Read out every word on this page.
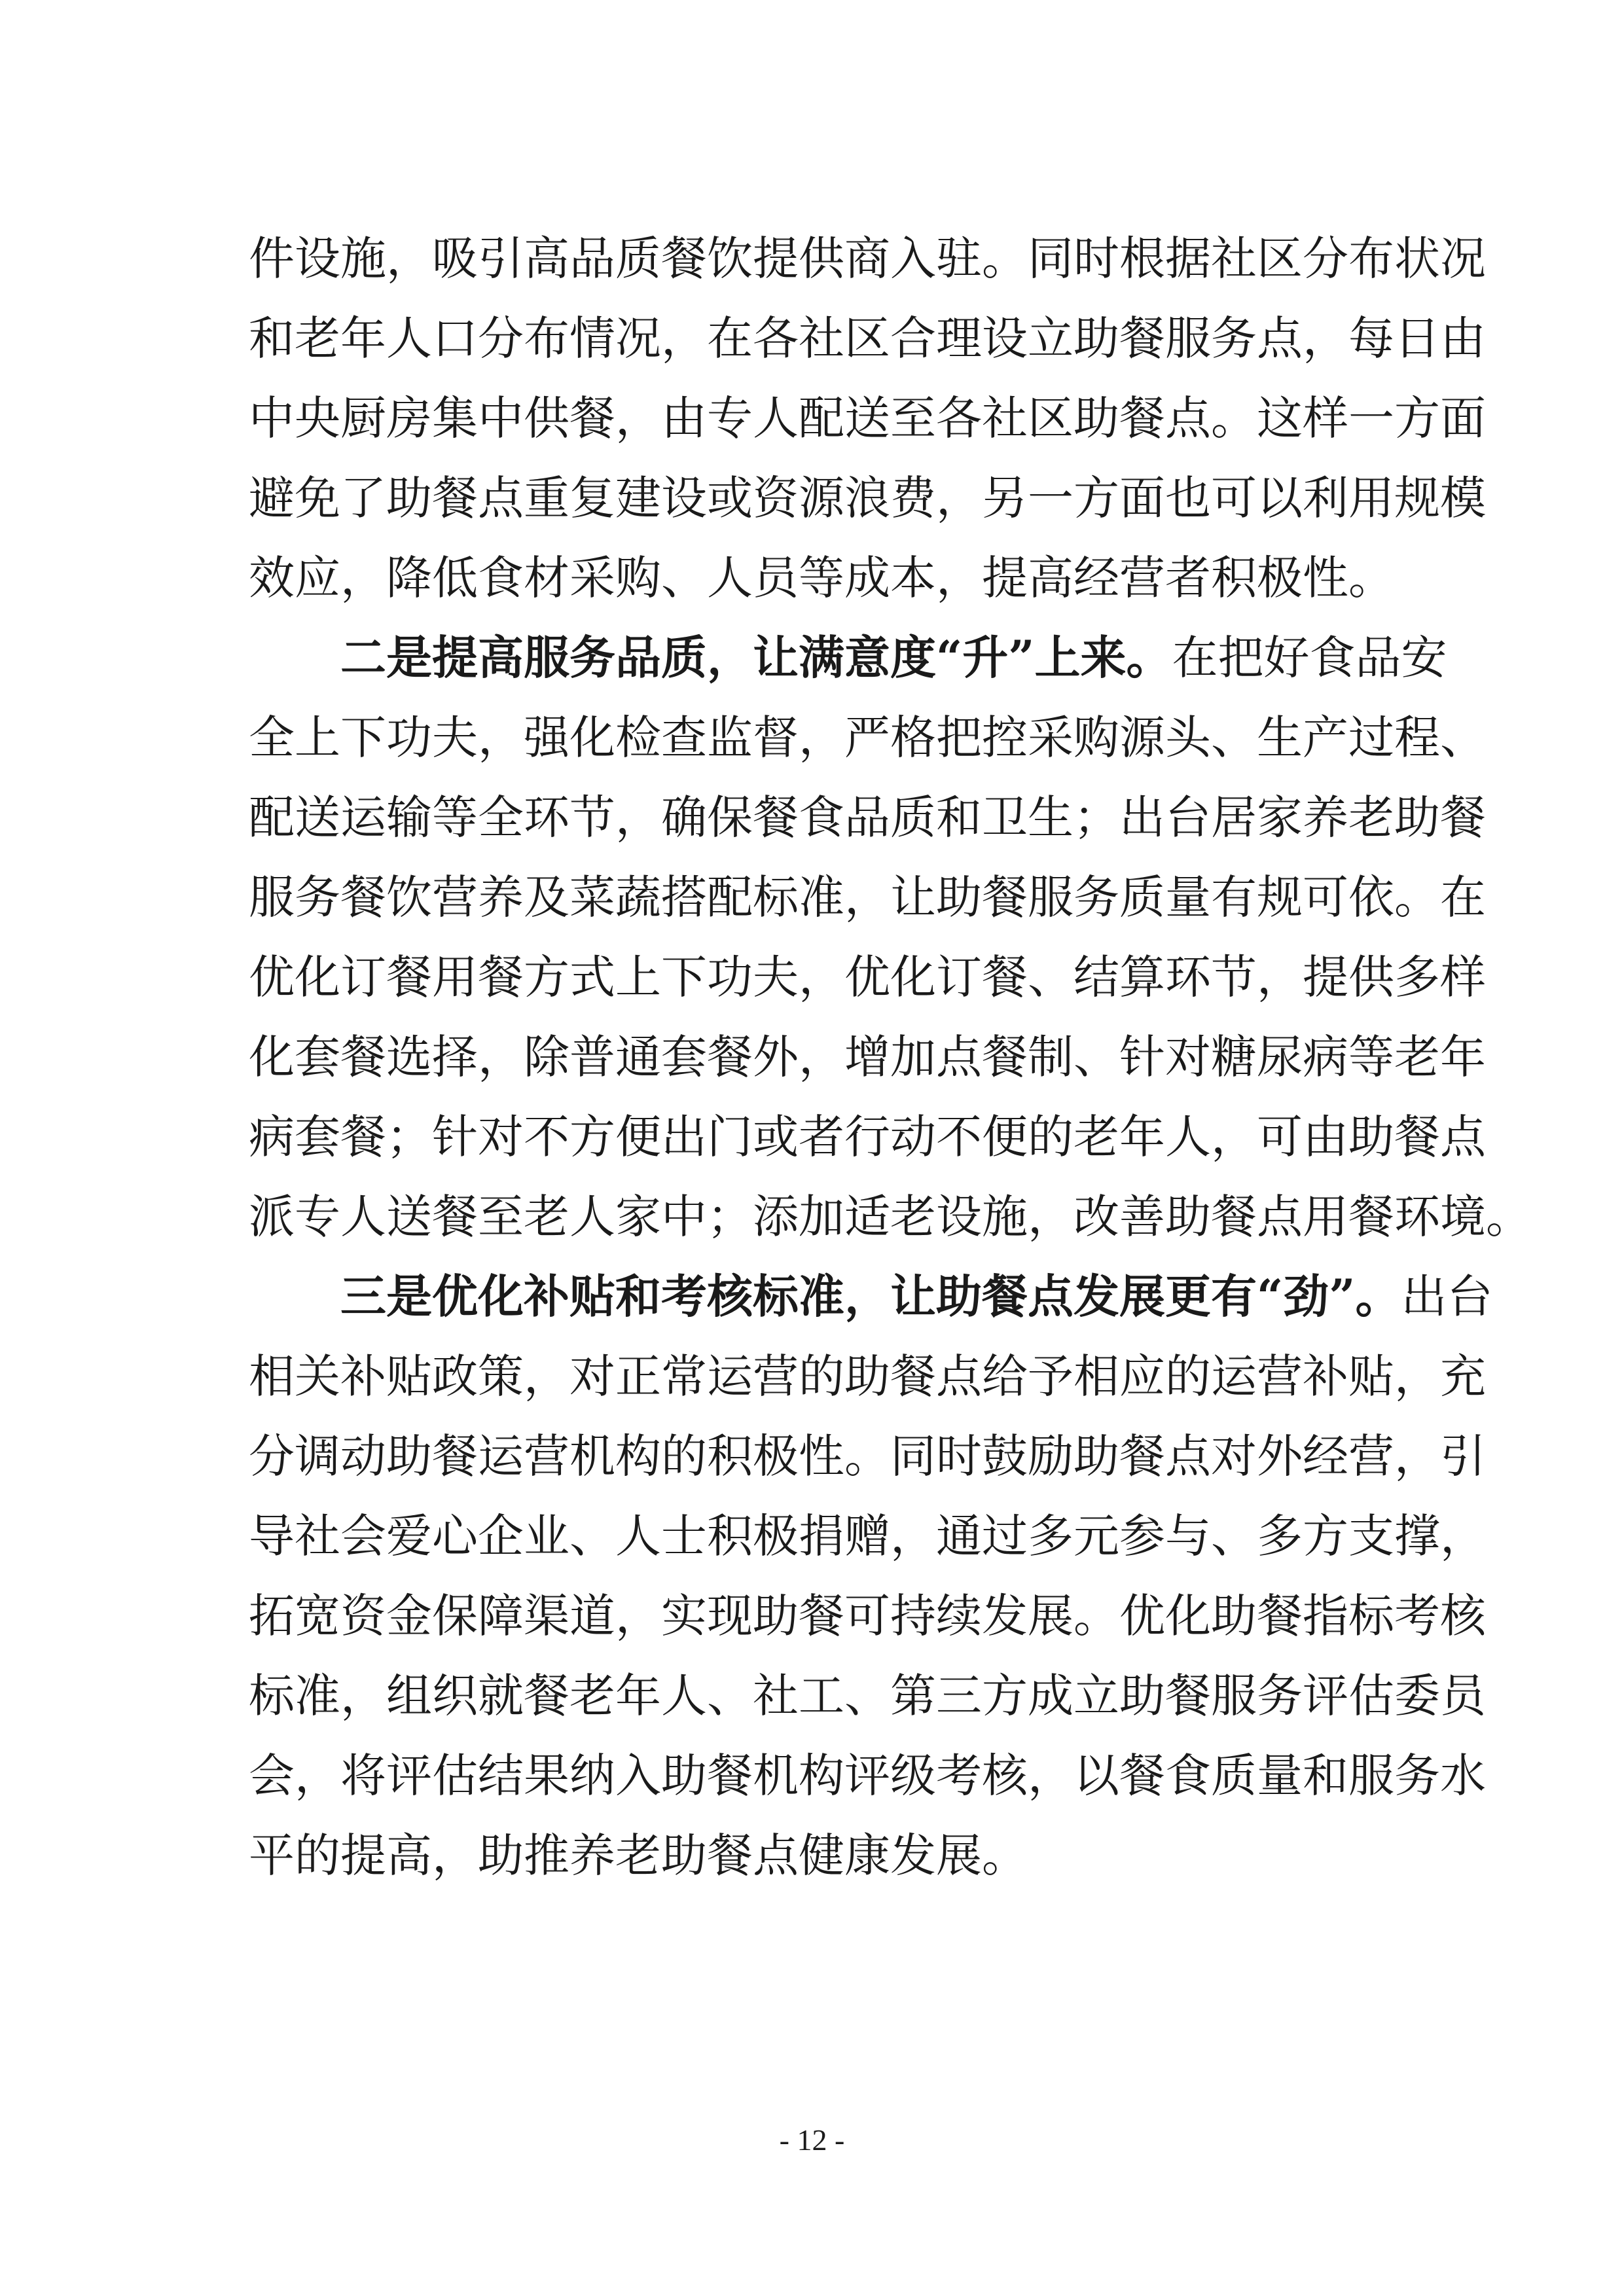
件设施，吸引高品质餐饮提供商入驻。同时根据社区分布状况
和老年人口分布情况，在各社区合理设立助餐服务点，每日由
中央厨房集中供餐，由专人配送至各社区助餐点。这样一方面
避免了助餐点重复建设或资源浪费，另一方面也可以利用规模
效应，降低食材采购、人员等成本，提高经营者积极性。
二是提高服务品质，让满意度“升”上来。在把好食品安
全上下功夫，强化检查监督，严格把控采购源头、生产过程、
配送运输等全环节，确保餐食品质和卫生；出台居家养老助餐
服务餐饮营养及菜蔬搭配标准，让助餐服务质量有规可依。在
优化订餐用餐方式上下功夫，优化订餐、结算环节，提供多样
化套餐选择，除普通套餐外，增加点餐制、针对糖尿病等老年
病套餐；针对不方便出门或者行动不便的老年人，可由助餐点
派专人送餐至老人家中；添加适老设施，改善助餐点用餐环境。
三是优化补贴和考核标准，让助餐点发展更有“劲”。出台
相关补贴政策，对正常运营的助餐点给予相应的运营补贴，充
分调动助餐运营机构的积极性。同时鼓励助餐点对外经营，引
导社会爱心企业、人士积极捐赠，通过多元参与、多方支撑，
拓宽资金保障渠道，实现助餐可持续发展。优化助餐指标考核
标准，组织就餐老年人、社工、第三方成立助餐服务评估委员
会，将评估结果纳入助餐机构评级考核，以餐食质量和服务水
平的提高，助推养老助餐点健康发展。
- 12 -
